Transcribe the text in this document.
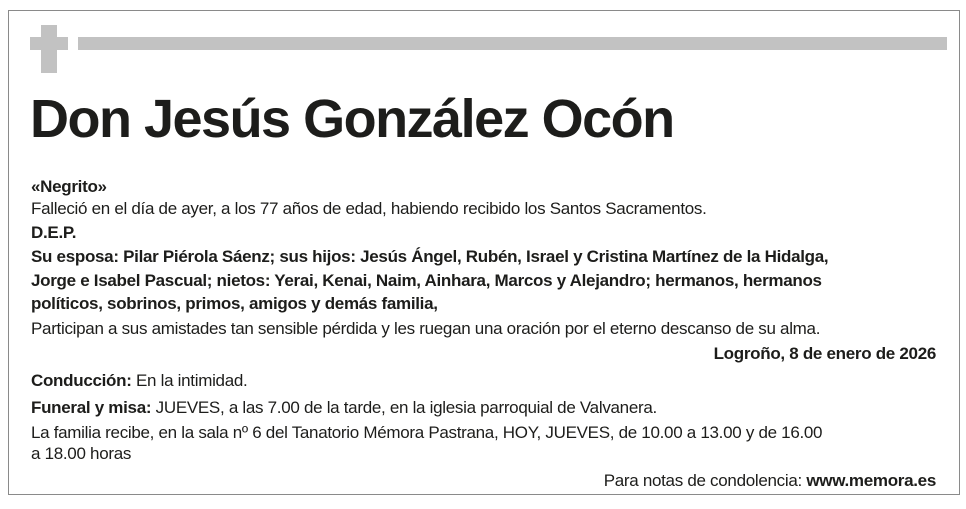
Don Jesús González Ocón
«Negrito»
Falleció en el día de ayer, a los 77 años de edad, habiendo recibido los Santos Sacramentos.
D.E.P.
Su esposa: Pilar Piérola Sáenz; sus hijos: Jesús Ángel, Rubén, Israel y Cristina Martínez de la Hidalga,
Jorge e Isabel Pascual; nietos: Yerai, Kenai, Naim, Ainhara, Marcos y Alejandro; hermanos, hermanos
políticos, sobrinos, primos, amigos y demás familia,
Participan a sus amistades tan sensible pérdida y les ruegan una oración por el eterno descanso de su alma.
Logroño, 8 de enero de 2026
Conducción: En la intimidad.
Funeral y misa: JUEVES, a las 7.00 de la tarde, en la iglesia parroquial de Valvanera.
La familia recibe, en la sala nº 6 del Tanatorio Mémora Pastrana, HOY, JUEVES, de 10.00 a 13.00 y de 16.00
a 18.00 horas
Para notas de condolencia: www.memora.es
